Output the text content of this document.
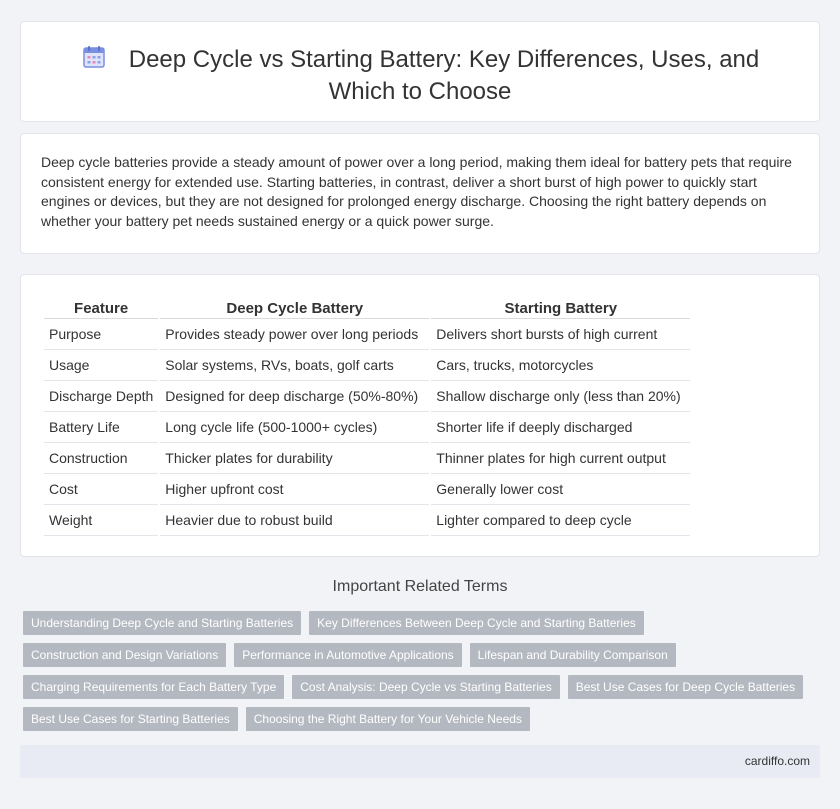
Deep Cycle vs Starting Battery: Key Differences, Uses, and Which to Choose

Deep cycle batteries provide a steady amount of power over a long period, making them ideal for battery pets that require consistent energy for extended use. Starting batteries, in contrast, deliver a short burst of high power to quickly start engines or devices, but they are not designed for prolonged energy discharge. Choosing the right battery depends on whether your battery pet needs sustained energy or a quick power surge.

Feature	Deep Cycle Battery	Starting Battery
Purpose	Provides steady power over long periods	Delivers short bursts of high current
Usage	Solar systems, RVs, boats, golf carts	Cars, trucks, motorcycles
Discharge Depth	Designed for deep discharge (50%-80%)	Shallow discharge only (less than 20%)
Battery Life	Long cycle life (500-1000+ cycles)	Shorter life if deeply discharged
Construction	Thicker plates for durability	Thinner plates for high current output
Cost	Higher upfront cost	Generally lower cost
Weight	Heavier due to robust build	Lighter compared to deep cycle
Important Related Terms
Understanding Deep Cycle and Starting Batteries	Key Differences Between Deep Cycle and Starting Batteries
Construction and Design Variations	Performance in Automotive Applications	Lifespan and Durability Comparison
Charging Requirements for Each Battery Type	Cost Analysis: Deep Cycle vs Starting Batteries	Best Use Cases for Deep Cycle Batteries
Best Use Cases for Starting Batteries	Choosing the Right Battery for Your Vehicle Needs
cardiffo.com
